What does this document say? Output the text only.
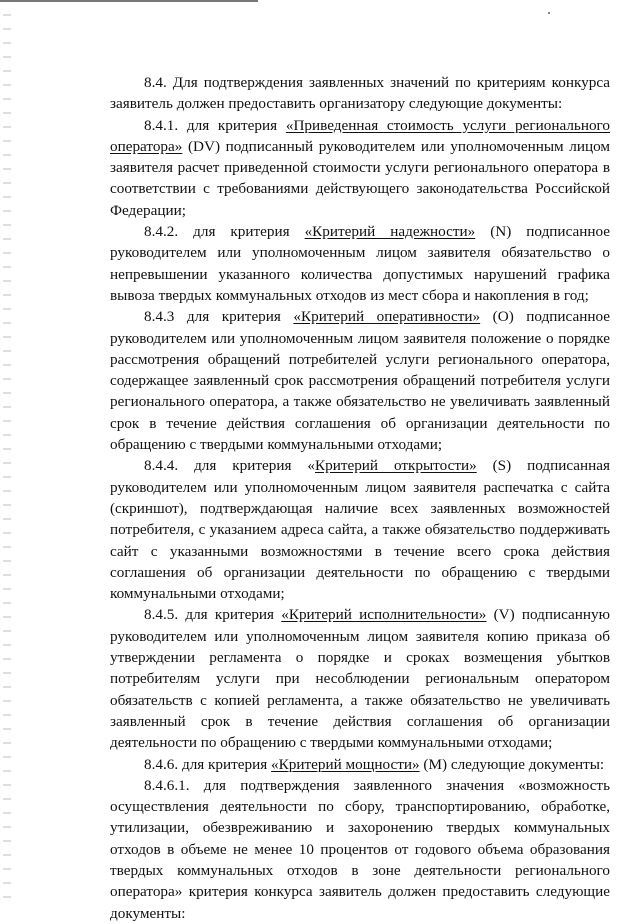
8.4. Для подтверждения заявленных значений по критериям конкурса заявитель должен предоставить организатору следующие документы:

8.4.1. для критерия «Приведенная стоимость услуги регионального оператора» (DV) подписанный руководителем или уполномоченным лицом заявителя расчет приведенной стоимости услуги регионального оператора в соответствии с требованиями действующего законодательства Российской Федерации;

8.4.2. для критерия «Критерий надежности» (N) подписанное руководителем или уполномоченным лицом заявителя обязательство о непревышении указанного количества допустимых нарушений графика вывоза твердых коммунальных отходов из мест сбора и накопления в год;

8.4.3 для критерия «Критерий оперативности» (О) подписанное руководителем или уполномоченным лицом заявителя положение о порядке рассмотрения обращений потребителей услуги регионального оператора, содержащее заявленный срок рассмотрения обращений потребителя услуги регионального оператора, а также обязательство не увеличивать заявленный срок в течение действия соглашения об организации деятельности по обращению с твердыми коммунальными отходами;

8.4.4. для критерия «Критерий открытости» (S) подписанная руководителем или уполномоченным лицом заявителя распечатка с сайта (скриншот), подтверждающая наличие всех заявленных возможностей потребителя, с указанием адреса сайта, а также обязательство поддерживать сайт с указанными возможностями в течение всего срока действия соглашения об организации деятельности по обращению с твердыми коммунальными отходами;

8.4.5. для критерия «Критерий исполнительности» (V) подписанную руководителем или уполномоченным лицом заявителя копию приказа об утверждении регламента о порядке и сроках возмещения убытков потребителям услуги при несоблюдении региональным оператором обязательств с копией регламента, а также обязательство не увеличивать заявленный срок в течение действия соглашения об организации деятельности по обращению с твердыми коммунальными отходами;

8.4.6. для критерия «Критерий мощности» (M) следующие документы:

8.4.6.1. для подтверждения заявленного значения «возможность осуществления деятельности по сбору, транспортированию, обработке, утилизации, обезвреживанию и захоронению твердых коммунальных отходов в объеме не менее 10 процентов от годового объема образования твердых коммунальных отходов в зоне деятельности регионального оператора» критерия конкурса заявитель должен предоставить следующие документы:
